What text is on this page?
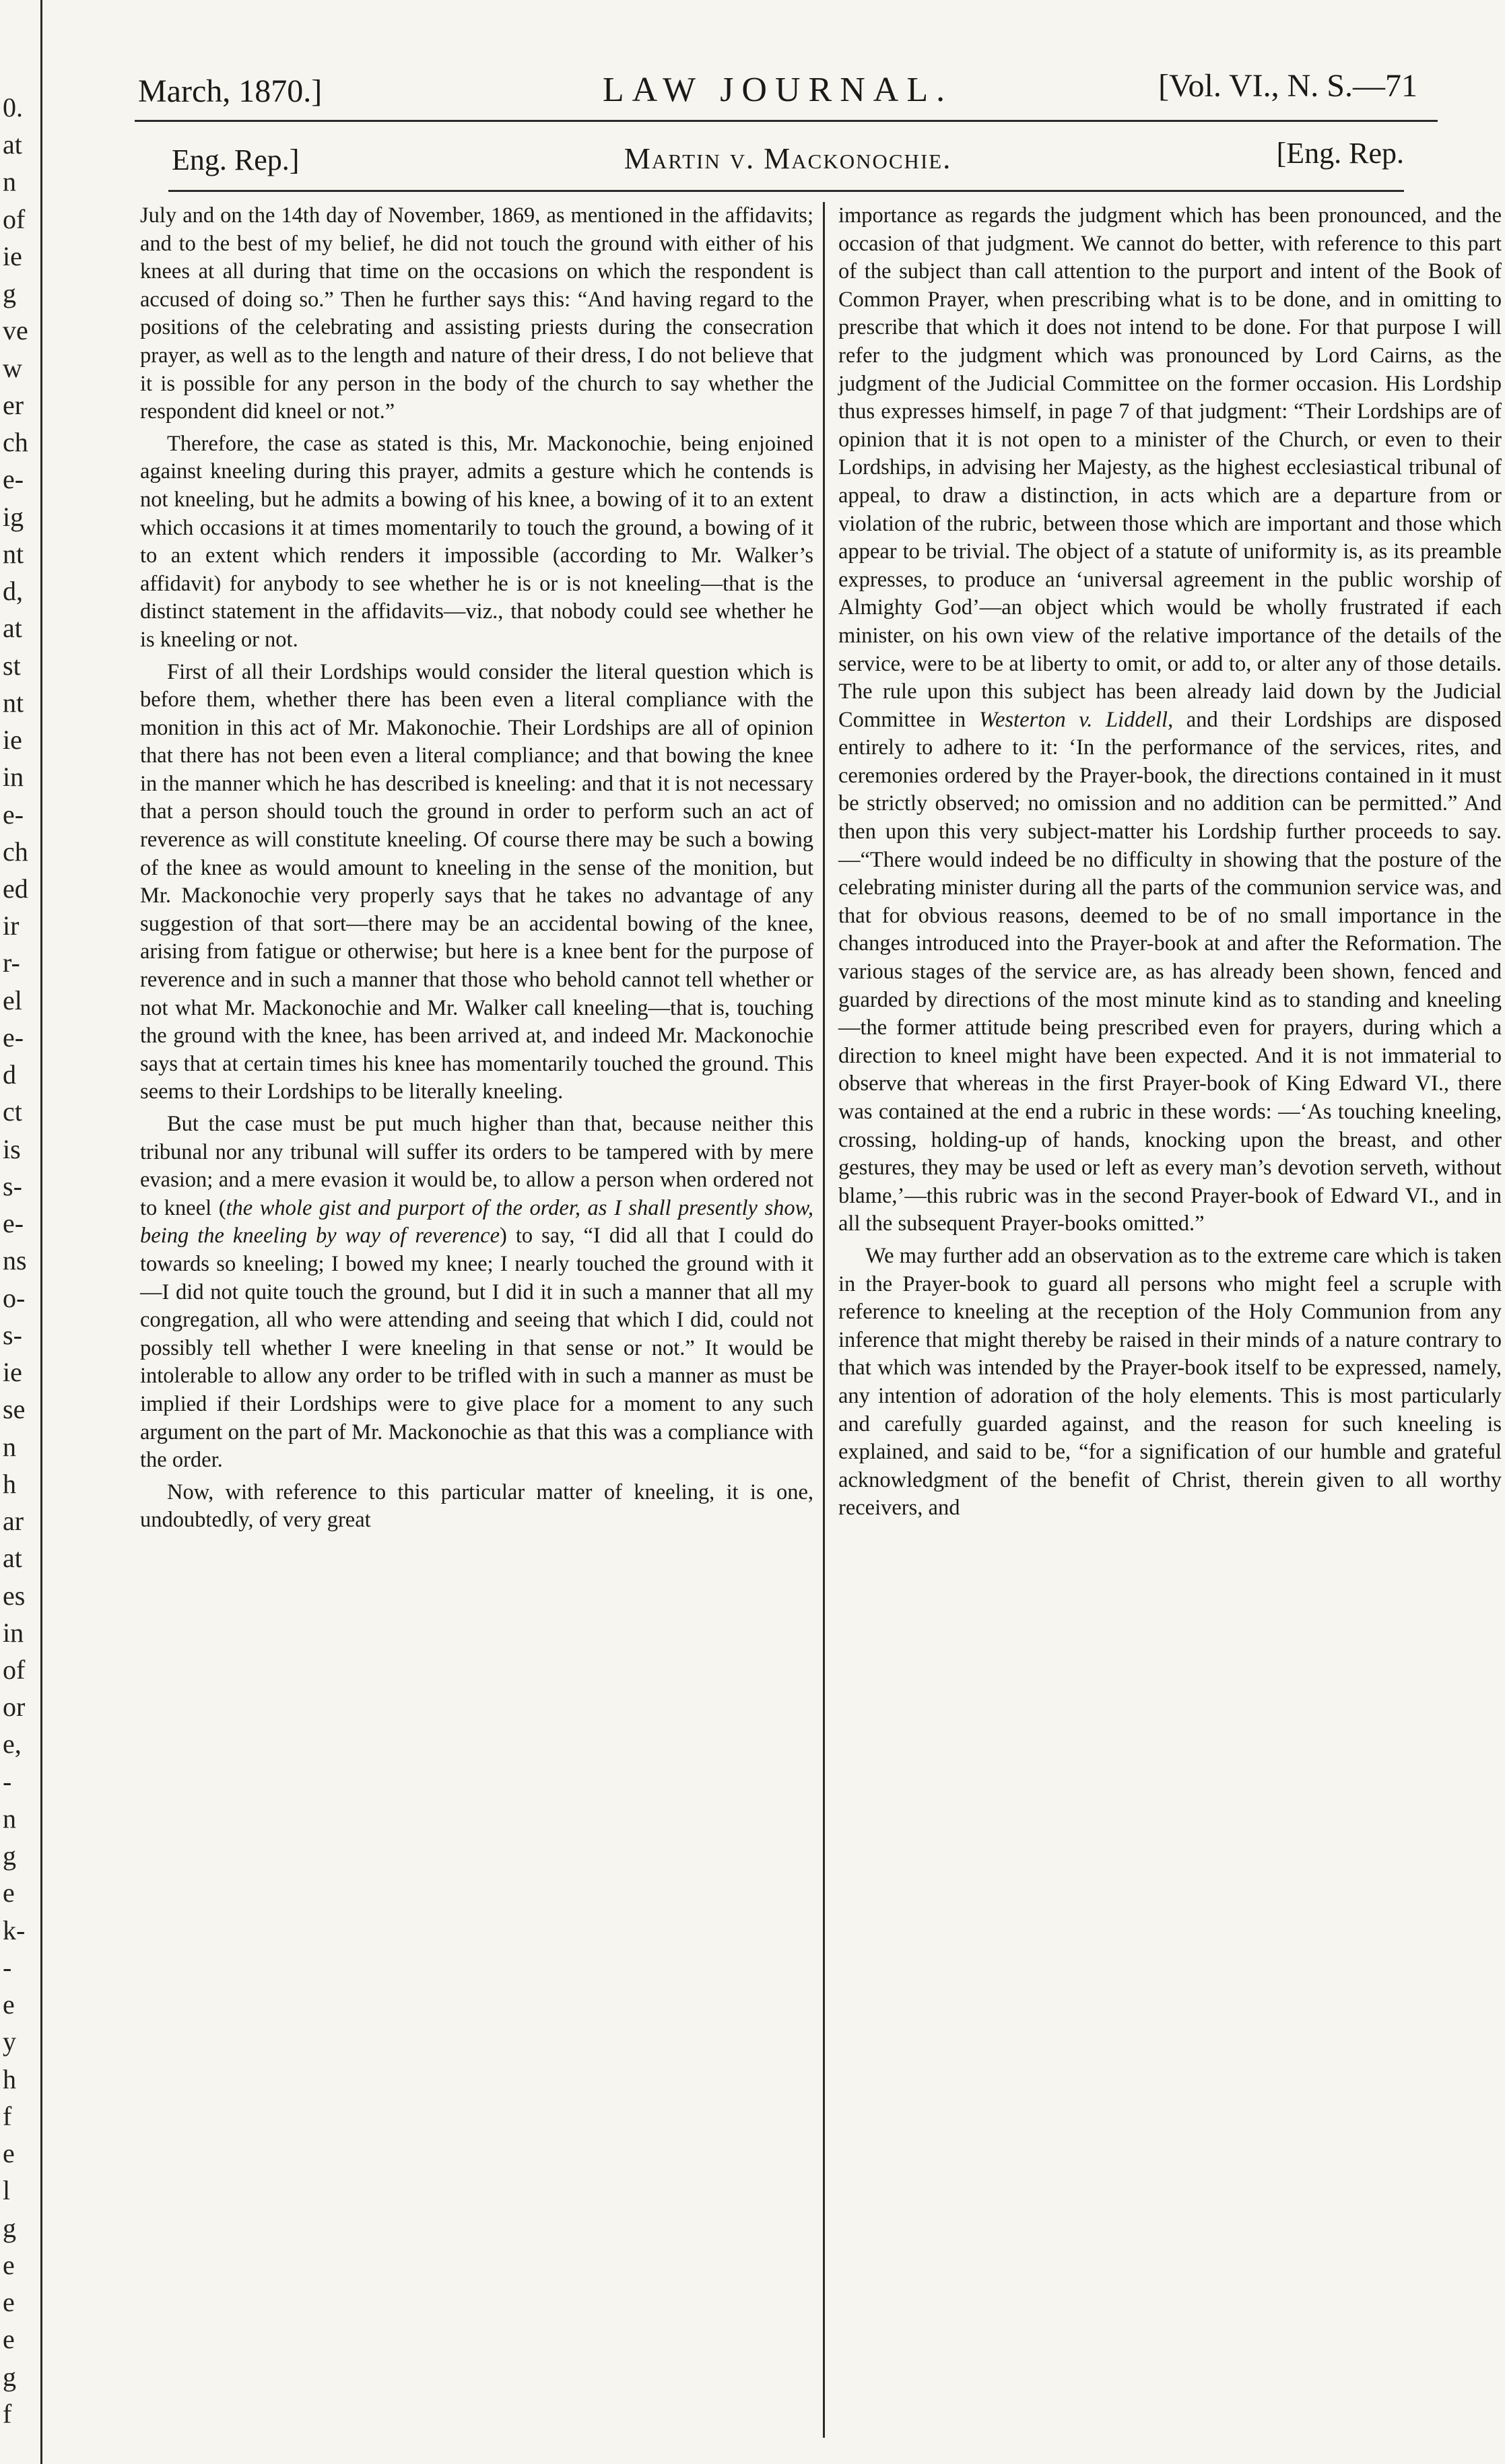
0.
at
n
of
ie
g
ve
w
er
ch
e-
ig
nt
d,
at
st
nt
ie
in
e-
ch
ed
ir
r-
el
e-
d
ct
is
s-
e-
ns
o-
s-
ie
se
n
h
ar
at
es
in
of
or
e,
-
n
g
e
k-
-
e
y
h
f
e
l
g
e
e
e
g
f
March, 1870.]	LAW JOURNAL.	[Vol. VI., N. S.—71
Eng. Rep.]	Martin v. Mackonochie.	[Eng. Rep.

July and on the 14th day of November, 1869, as mentioned in the affidavits; and to the best of my belief, he did not touch the ground with either of his knees at all during that time on the occasions on which the respondent is accused of doing so.” Then he further says this: “And having regard to the positions of the celebrating and assisting priests during the consecration prayer, as well as to the length and nature of their dress, I do not believe that it is possible for any person in the body of the church to say whether the respondent did kneel or not.”

Therefore, the case as stated is this, Mr. Mackonochie, being enjoined against kneeling during this prayer, admits a gesture which he contends is not kneeling, but he admits a bowing of his knee, a bowing of it to an extent which occasions it at times momentarily to touch the ground, a bowing of it to an extent which renders it impossible (according to Mr. Walker’s affidavit) for anybody to see whether he is or is not kneeling—that is the distinct statement in the affidavits—viz., that nobody could see whether he is kneeling or not.

First of all their Lordships would consider the literal question which is before them, whether there has been even a literal compliance with the monition in this act of Mr. Makonochie. Their Lordships are all of opinion that there has not been even a literal compliance; and that bowing the knee in the manner which he has described is kneeling: and that it is not necessary that a person should touch the ground in order to perform such an act of reverence as will constitute kneeling. Of course there may be such a bowing of the knee as would amount to kneeling in the sense of the monition, but Mr. Mackonochie very properly says that he takes no advantage of any suggestion of that sort—there may be an accidental bowing of the knee, arising from fatigue or otherwise; but here is a knee bent for the purpose of reverence and in such a manner that those who behold cannot tell whether or not what Mr. Mackonochie and Mr. Walker call kneeling—that is, touching the ground with the knee, has been arrived at, and indeed Mr. Mackonochie says that at certain times his knee has momentarily touched the ground. This seems to their Lordships to be literally kneeling.

But the case must be put much higher than that, because neither this tribunal nor any tribunal will suffer its orders to be tampered with by mere evasion; and a mere evasion it would be, to allow a person when ordered not to kneel (the whole gist and purport of the order, as I shall presently show, being the kneeling by way of reverence) to say, “I did all that I could do towards so kneeling; I bowed my knee; I nearly touched the ground with it—I did not quite touch the ground, but I did it in such a manner that all my congregation, all who were attending and seeing that which I did, could not possibly tell whether I were kneeling in that sense or not.” It would be intolerable to allow any order to be trifled with in such a manner as must be implied if their Lordships were to give place for a moment to any such argument on the part of Mr. Mackonochie as that this was a compliance with the order.

Now, with reference to this particular matter of kneeling, it is one, undoubtedly, of very great

importance as regards the judgment which has been pronounced, and the occasion of that judgment. We cannot do better, with reference to this part of the subject than call attention to the purport and intent of the Book of Common Prayer, when prescribing what is to be done, and in omitting to prescribe that which it does not intend to be done. For that purpose I will refer to the judgment which was pronounced by Lord Cairns, as the judgment of the Judicial Committee on the former occasion. His Lordship thus expresses himself, in page 7 of that judgment: “Their Lordships are of opinion that it is not open to a minister of the Church, or even to their Lordships, in advising her Majesty, as the highest ecclesiastical tribunal of appeal, to draw a distinction, in acts which are a departure from or violation of the rubric, between those which are important and those which appear to be trivial. The object of a statute of uniformity is, as its preamble expresses, to produce an ‘universal agreement in the public worship of Almighty God’—an object which would be wholly frustrated if each minister, on his own view of the relative importance of the details of the service, were to be at liberty to omit, or add to, or alter any of those details. The rule upon this subject has been already laid down by the Judicial Committee in Westerton v. Liddell, and their Lordships are disposed entirely to adhere to it: ‘In the performance of the services, rites, and ceremonies ordered by the Prayer-book, the directions contained in it must be strictly observed; no omission and no addition can be permitted.” And then upon this very subject-matter his Lordship further proceeds to say.—“There would indeed be no difficulty in showing that the posture of the celebrating minister during all the parts of the communion service was, and that for obvious reasons, deemed to be of no small importance in the changes introduced into the Prayer-book at and after the Reformation. The various stages of the service are, as has already been shown, fenced and guarded by directions of the most minute kind as to standing and kneeling—the former attitude being prescribed even for prayers, during which a direction to kneel might have been expected. And it is not immaterial to observe that whereas in the first Prayer-book of King Edward VI., there was contained at the end a rubric in these words: —‘As touching kneeling, crossing, holding-up of hands, knocking upon the breast, and other gestures, they may be used or left as every man’s devotion serveth, without blame,’—this rubric was in the second Prayer-book of Edward VI., and in all the subsequent Prayer-books omitted.”

We may further add an observation as to the extreme care which is taken in the Prayer-book to guard all persons who might feel a scruple with reference to kneeling at the reception of the Holy Communion from any inference that might thereby be raised in their minds of a nature contrary to that which was intended by the Prayer-book itself to be expressed, namely, any intention of adoration of the holy elements. This is most particularly and carefully guarded against, and the reason for such kneeling is explained, and said to be, “for a signification of our humble and grateful acknowledgment of the benefit of Christ, therein given to all worthy receivers, and
